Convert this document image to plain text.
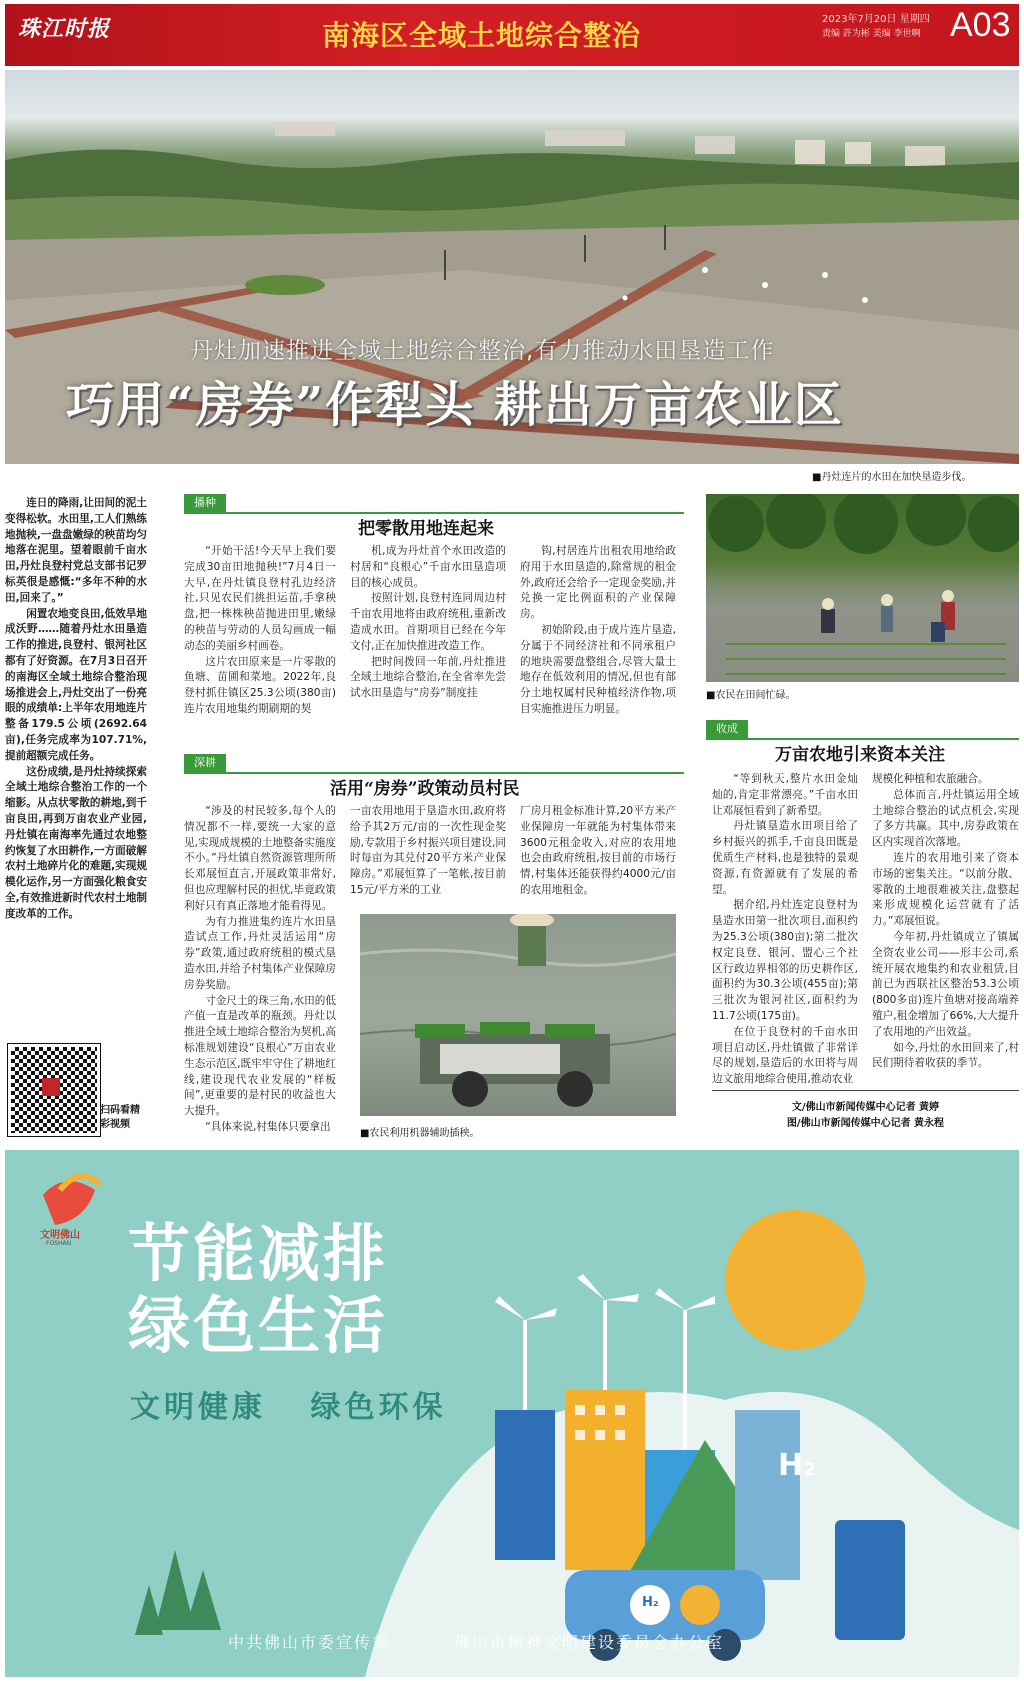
珠江时报	南海区全域土地综合整治	2023年7月20日 星期四
责编 許为彬 美编 李世啊 A03
丹灶加速推进全域土地综合整治,有力推动水田垦造工作
巧用“房券”作犁头 耕出万亩农业区
■丹灶连片的水田在加快垦造步伐。

连日的降雨,让田间的泥土变得松软。水田里,工人们熟练地抛秧,一盘盘嫩绿的秧苗均匀地落在泥里。望着眼前千亩水田,丹灶良登村党总支部书记罗标英很是感慨:“多年不种的水田,回来了。”

闲置农地变良田,低效旱地成沃野……随着丹灶水田垦造工作的推进,良登村、银河社区都有了好资源。在7月3日召开的南海区全域土地综合整治现场推进会上,丹灶交出了一份亮眼的成绩单:上半年农用地连片整备179.5公顷(2692.64亩),任务完成率为107.71%,提前超额完成任务。

这份成绩,是丹灶持续探索全域土地综合整治工作的一个缩影。从点状零散的耕地,到千亩良田,再到万亩农业产业园,丹灶镇在南海率先通过农地整约恢复了水田耕作,一方面破解农村土地碎片化的难题,实现规模化运作,另一方面强化粮食安全,有效推进新时代农村土地制度改革的工作。

扫码看精彩视频
播种
把零散用地连起来

“开始干活!今天早上我们要完成30亩田地抛秧!”7月4日一大早,在丹灶镇良登村孔边经济社,只见农民们挑担运苗,手拿秧盘,把一株株秧苗抛进田里,嫩绿的秧苗与劳动的人员勾画成一幅动态的美丽乡村画卷。

这片农田原来是一片零散的鱼塘、苗圃和菜地。2022年,良登村抓住镇区25.3公顷(380亩)连片农用地集约期刷期的契

机,成为丹灶首个水田改造的村居和“良根心”千亩水田垦造项目的核心成员。

按照计划,良登村连同周边村千亩农用地将由政府统租,重新改造成水田。首期项目已经在今年文付,正在加快推进改造工作。

把时间拨回一年前,丹灶推进全域土地综合整治,在全省率先尝试水田垦造与“房券”制度挂

钩,村居连片出租农用地给政府用于水田垦造的,除常规的租金外,政府还会给予一定现金奖励,并兑换一定比例面积的产业保障房。

初始阶段,由于成片连片垦造,分属于不同经济社和不同承租户的地块需要盘整组合,尽管大量土地存在低效利用的情况,但也有部分土地权属村民种植经济作物,项目实施推进压力明显。

■农民在田间忙碌。
深耕
活用“房券”政策动员村民

“涉及的村民较多,每个人的情况都不一样,要统一大家的意见,实现成规模的土地整备实施度不小。”丹灶镇自然资源管理所所长邓展恒直言,开展政策非常好,但也应理解村民的担忧,毕竟政策利好只有真正落地才能看得见。

为有力推进集约连片水田垦造试点工作,丹灶灵活运用“房券”政策,通过政府统租的模式垦造水田,并给予村集体产业保障房房券奖励。

寸金尺土的珠三角,水田的低产值一直是改革的瓶颈。丹灶以推进全域土地综合整治为契机,高标准规划建设“良根心”万亩农业生态示范区,既牢牢守住了耕地红线,建设现代农业发展的“样板间”,更重要的是村民的收益也大大提升。

“具体来说,村集体只要拿出

一亩农用地用于垦造水田,政府将给予其2万元/亩的一次性现金奖励,专款用于乡村振兴项目建设,同时每亩为其兑付20平方米产业保障房。”邓展恒算了一笔帐,按目前15元/平方米的工业

厂房月租金标准计算,20平方米产业保障房一年就能为村集体带来3600元租金收入,对应的农用地也会由政府统租,按目前的市场行情,村集体还能获得约4000元/亩的农用地租金。

■农民利用机器辅助插秧。
收成
万亩农地引来资本关注

“等到秋天,整片水田金灿灿的,肯定非常漂亮。”千亩水田让邓展恒看到了新希望。

丹灶镇垦造水田项目给了乡村振兴的抓手,千亩良田既是优质生产材料,也是独特的景观资源,有资源就有了发展的希望。

据介绍,丹灶连定良登村为垦造水田第一批次项目,面积约为25.3公顷(380亩);第二批次权定良登、银河、盟心三个社区行政边界相邻的历史耕作区,面积约为30.3公顷(455亩);第三批次为银河社区,面积约为11.7公顷(175亩)。

在位于良登村的千亩水田项目启动区,丹灶镇做了非常详尽的规划,垦造后的水田将与周边文旅用地综合使用,推动农业

规模化种植和农旅融合。

总体而言,丹灶镇运用全域土地综合整治的试点机会,实现了多方共赢。其中,房券政策在区内实现首次落地。

连片的农用地引来了资本市场的密集关注。“以前分散、零散的土地很难被关注,盘整起来形成规模化运营就有了活力。”邓展恒说。

今年初,丹灶镇成立了镇属全资农业公司——形丰公司,系统开展农地集约和农业租赁,目前已为西联社区整治53.3公顷(800多亩)连片鱼塘对接高端养殖户,租金增加了66%,大大提升了农用地的产出效益。

如今,丹灶的水田回来了,村民们期待着收获的季节。

文/佛山市新闻传媒中心记者 黄婷
图/佛山市新闻传媒中心记者 黄永程
文明佛山
FOSHAN 节能减排
绿色生活
文明健康 绿色环保
H₂
H₂
中共佛山市委宣传部	佛山市精神文明建设委员会办公室
